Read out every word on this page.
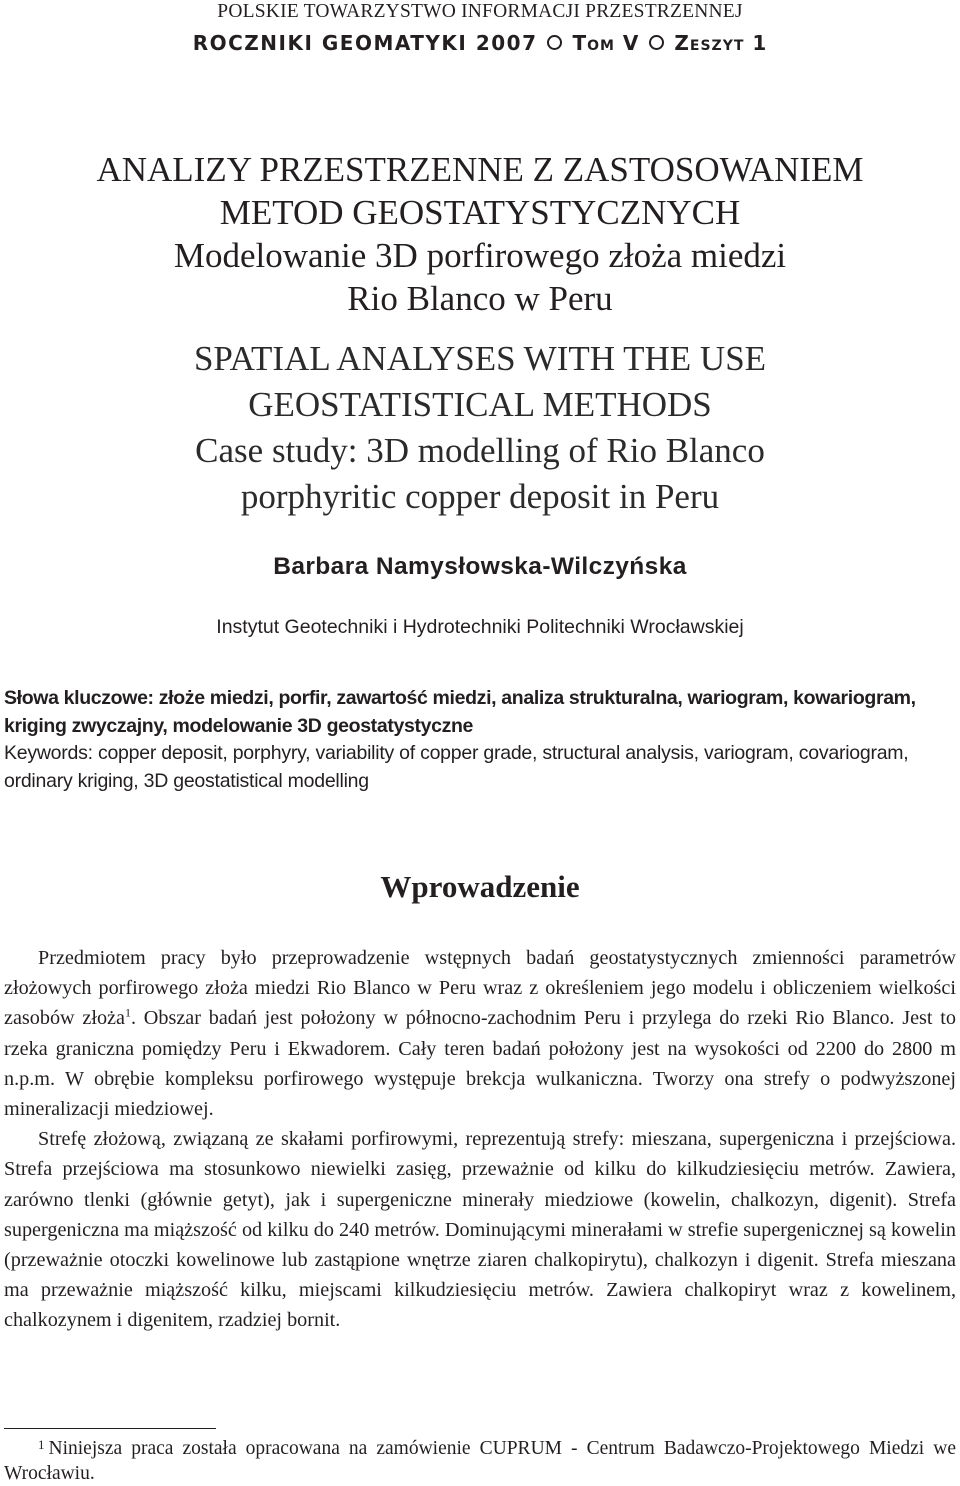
POLSKIE TOWARZYSTWO INFORMACJI PRZESTRZENNEJ
ROCZNIKI GEOMATYKI 2007 Tom V Zeszyt 1
ANALIZY PRZESTRZENNE Z ZASTOSOWANIEM
METOD GEOSTATYSTYCZNYCH
Modelowanie 3D porfirowego złoża miedzi
Rio Blanco w Peru
SPATIAL ANALYSES WITH THE USE
GEOSTATISTICAL METHODS
Case study: 3D modelling of Rio Blanco
porphyritic copper deposit in Peru
Barbara Namysłowska-Wilczyńska
Instytut Geotechniki i Hydrotechniki Politechniki Wrocławskiej
Słowa kluczowe: złoże miedzi, porfir, zawartość miedzi, analiza strukturalna, wariogram, kowariogram, kriging zwyczajny, modelowanie 3D geostatystyczne
Keywords: copper deposit, porphyry, variability of copper grade, structural analysis, variogram, covariogram, ordinary kriging, 3D geostatistical modelling
Wprowadzenie

Przedmiotem pracy było przeprowadzenie wstępnych badań geostatystycznych zmienności parametrów złożowych porfirowego złoża miedzi Rio Blanco w Peru wraz z określeniem jego modelu i obliczeniem wielkości zasobów złoża$^1$. Obszar badań jest położony w północno-zachodnim Peru i przylega do rzeki Rio Blanco. Jest to rzeka graniczna pomiędzy Peru i Ekwadorem. Cały teren badań położony jest na wysokości od 2200 do 2800 m n.p.m. W obrębie kompleksu porfirowego występuje brekcja wulkaniczna. Tworzy ona strefy o podwyższonej mineralizacji miedziowej.

Strefę złożową, związaną ze skałami porfirowymi, reprezentują strefy: mieszana, supergeniczna i przejściowa. Strefa przejściowa ma stosunkowo niewielki zasięg, przeważnie od kilku do kilkudziesięciu metrów. Zawiera, zarówno tlenki (głównie getyt), jak i supergeniczne minerały miedziowe (kowelin, chalkozyn, digenit). Strefa supergeniczna ma miąższość od kilku do 240 metrów. Dominującymi minerałami w strefie supergenicznej są kowelin (przeważnie otoczki kowelinowe lub zastąpione wnętrze ziaren chalkopirytu), chalkozyn i digenit. Strefa mieszana ma przeważnie miąższość kilku, miejscami kilkudziesięciu metrów. Zawiera chalkopiryt wraz z kowelinem, chalkozynem i digenitem, rzadziej bornit.

$^1$ Niniejsza praca została opracowana na zamówienie CUPRUM - Centrum Badawczo-Projektowego Miedzi we Wrocławiu.
